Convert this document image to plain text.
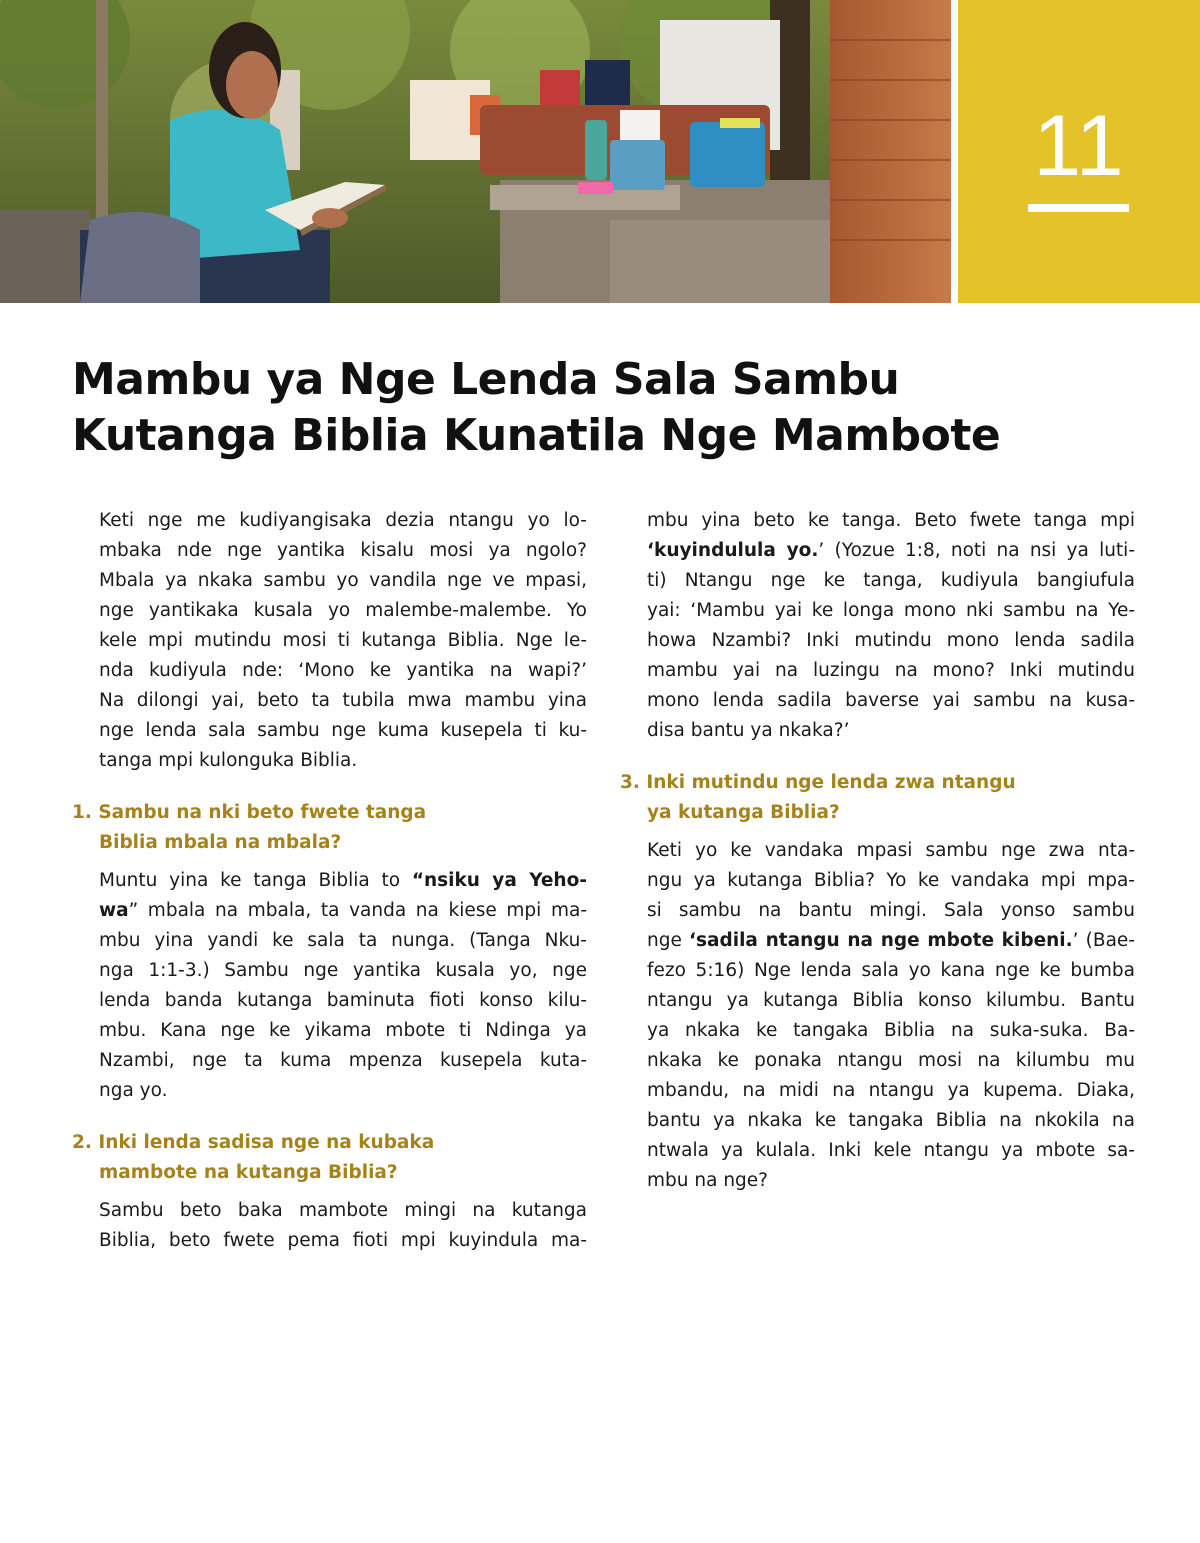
11
Mambu ya Nge Lenda Sala Sambu
Kutanga Biblia Kunatila Nge Mambote
Keti nge me kudiyangisaka dezia ntangu yo lo-
mbaka nde nge yantika kisalu mosi ya ngolo?
Mbala ya nkaka sambu yo vandila nge ve mpasi,
nge yantikaka kusala yo malembe-malembe. Yo
kele mpi mutindu mosi ti kutanga Biblia. Nge le-
nda kudiyula nde: ‘Mono ke yantika na wapi?’
Na dilongi yai, beto ta tubila mwa mambu yina
nge lenda sala sambu nge kuma kusepela ti ku-
tanga mpi kulonguka Biblia.
1. Sambu na nki beto fwete tanga
Biblia mbala na mbala?
Muntu yina ke tanga Biblia to “nsiku ya Yeho-
wa” mbala na mbala, ta vanda na kiese mpi ma-
mbu yina yandi ke sala ta nunga. (Tanga Nku-
nga 1:1-3.) Sambu nge yantika kusala yo, nge
lenda banda kutanga baminuta fioti konso kilu-
mbu. Kana nge ke yikama mbote ti Ndinga ya
Nzambi, nge ta kuma mpenza kusepela kuta-
nga yo.
2. Inki lenda sadisa nge na kubaka
mambote na kutanga Biblia?
Sambu beto baka mambote mingi na kutanga
Biblia, beto fwete pema fioti mpi kuyindula ma-
mbu yina beto ke tanga. Beto fwete tanga mpi
‘kuyindulula yo.’ (Yozue 1:8, noti na nsi ya luti-
ti) Ntangu nge ke tanga, kudiyula bangiufula
yai: ‘Mambu yai ke longa mono nki sambu na Ye-
howa Nzambi? Inki mutindu mono lenda sadila
mambu yai na luzingu na mono? Inki mutindu
mono lenda sadila baverse yai sambu na kusa-
disa bantu ya nkaka?’
3. Inki mutindu nge lenda zwa ntangu
ya kutanga Biblia?
Keti yo ke vandaka mpasi sambu nge zwa nta-
ngu ya kutanga Biblia? Yo ke vandaka mpi mpa-
si sambu na bantu mingi. Sala yonso sambu
nge ‘sadila ntangu na nge mbote kibeni.’ (Bae-
fezo 5:16) Nge lenda sala yo kana nge ke bumba
ntangu ya kutanga Biblia konso kilumbu. Bantu
ya nkaka ke tangaka Biblia na suka-suka. Ba-
nkaka ke ponaka ntangu mosi na kilumbu mu
mbandu, na midi na ntangu ya kupema. Diaka,
bantu ya nkaka ke tangaka Biblia na nkokila na
ntwala ya kulala. Inki kele ntangu ya mbote sa-
mbu na nge?
